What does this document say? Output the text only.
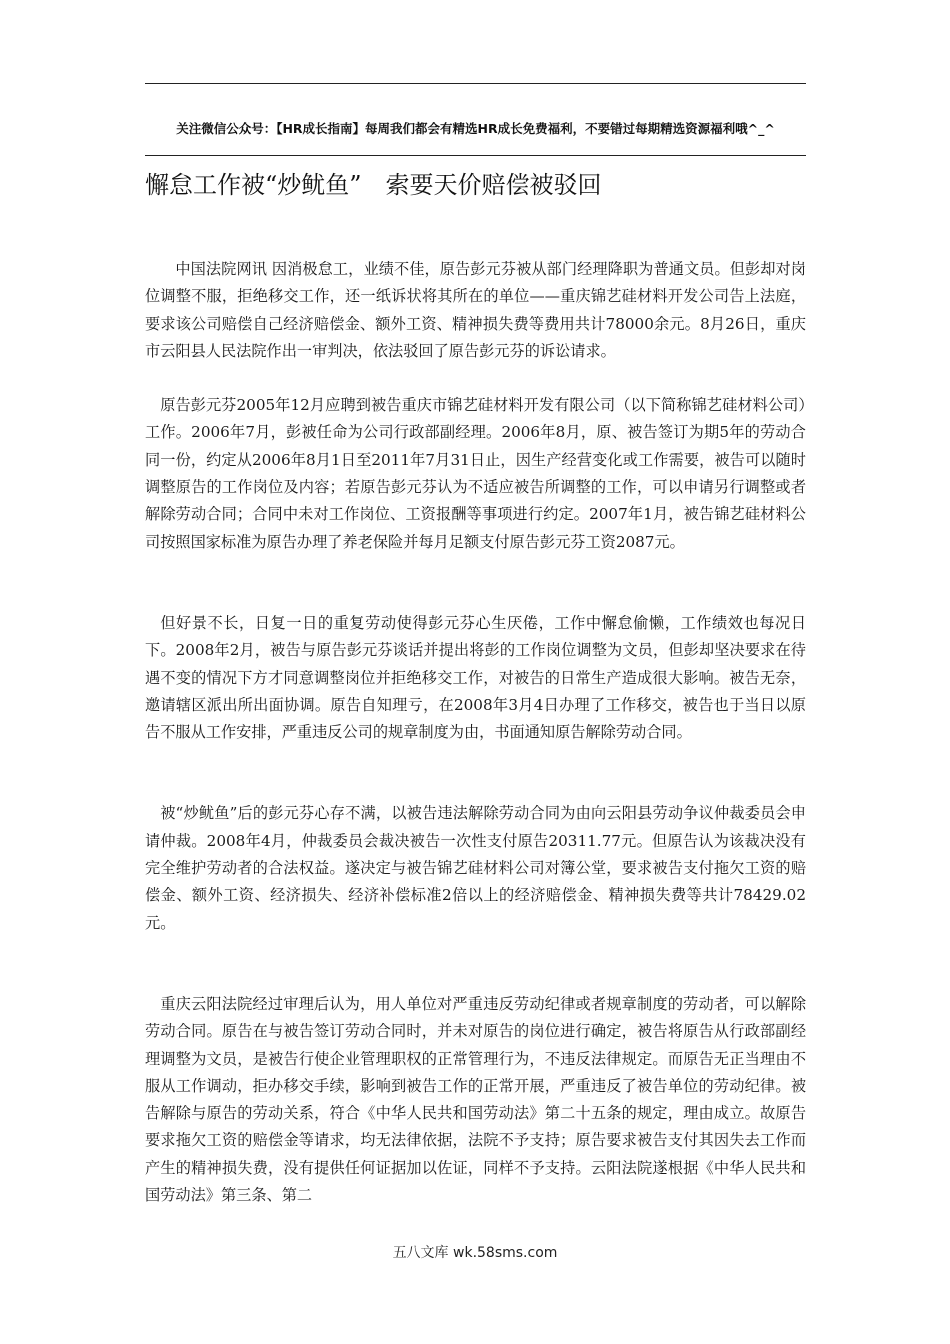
关注微信公众号：【HR成长指南】每周我们都会有精选HR成长免费福利，不要错过每期精选资源福利哦^_^
懈怠工作被“炒鱿鱼”　索要天价赔偿被驳回

中国法院网讯 因消极怠工，业绩不佳，原告彭元芬被从部门经理降职为普通文员。但彭却对岗位调整不服，拒绝移交工作，还一纸诉状将其所在的单位——重庆锦艺硅材料开发公司告上法庭，要求该公司赔偿自己经济赔偿金、额外工资、精神损失费等费用共计78000余元。8月26日，重庆市云阳县人民法院作出一审判决，依法驳回了原告彭元芬的诉讼请求。

原告彭元芬2005年12月应聘到被告重庆市锦艺硅材料开发有限公司（以下简称锦艺硅材料公司）工作。2006年7月，彭被任命为公司行政部副经理。2006年8月，原、被告签订为期5年的劳动合同一份，约定从2006年8月1日至2011年7月31日止，因生产经营变化或工作需要，被告可以随时调整原告的工作岗位及内容；若原告彭元芬认为不适应被告所调整的工作，可以申请另行调整或者解除劳动合同；合同中未对工作岗位、工资报酬等事项进行约定。2007年1月，被告锦艺硅材料公司按照国家标准为原告办理了养老保险并每月足额支付原告彭元芬工资2087元。

但好景不长，日复一日的重复劳动使得彭元芬心生厌倦，工作中懈怠偷懒，工作绩效也每况日下。2008年2月，被告与原告彭元芬谈话并提出将彭的工作岗位调整为文员，但彭却坚决要求在待遇不变的情况下方才同意调整岗位并拒绝移交工作，对被告的日常生产造成很大影响。被告无奈，邀请辖区派出所出面协调。原告自知理亏，在2008年3月4日办理了工作移交，被告也于当日以原告不服从工作安排，严重违反公司的规章制度为由，书面通知原告解除劳动合同。

被“炒鱿鱼”后的彭元芬心存不满，以被告违法解除劳动合同为由向云阳县劳动争议仲裁委员会申请仲裁。2008年4月，仲裁委员会裁决被告一次性支付原告20311.77元。但原告认为该裁决没有完全维护劳动者的合法权益。遂决定与被告锦艺硅材料公司对簿公堂，要求被告支付拖欠工资的赔偿金、额外工资、经济损失、经济补偿标准2倍以上的经济赔偿金、精神损失费等共计78429.02元。

重庆云阳法院经过审理后认为，用人单位对严重违反劳动纪律或者规章制度的劳动者，可以解除劳动合同。原告在与被告签订劳动合同时，并未对原告的岗位进行确定，被告将原告从行政部副经理调整为文员，是被告行使企业管理职权的正常管理行为，不违反法律规定。而原告无正当理由不服从工作调动，拒办移交手续，影响到被告工作的正常开展，严重违反了被告单位的劳动纪律。被告解除与原告的劳动关系，符合《中华人民共和国劳动法》第二十五条的规定，理由成立。故原告要求拖欠工资的赔偿金等请求，均无法律依据，法院不予支持；原告要求被告支付其因失去工作而产生的精神损失费，没有提供任何证据加以佐证，同样不予支持。云阳法院遂根据《中华人民共和国劳动法》第三条、第二

五八文库 wk.58sms.com
